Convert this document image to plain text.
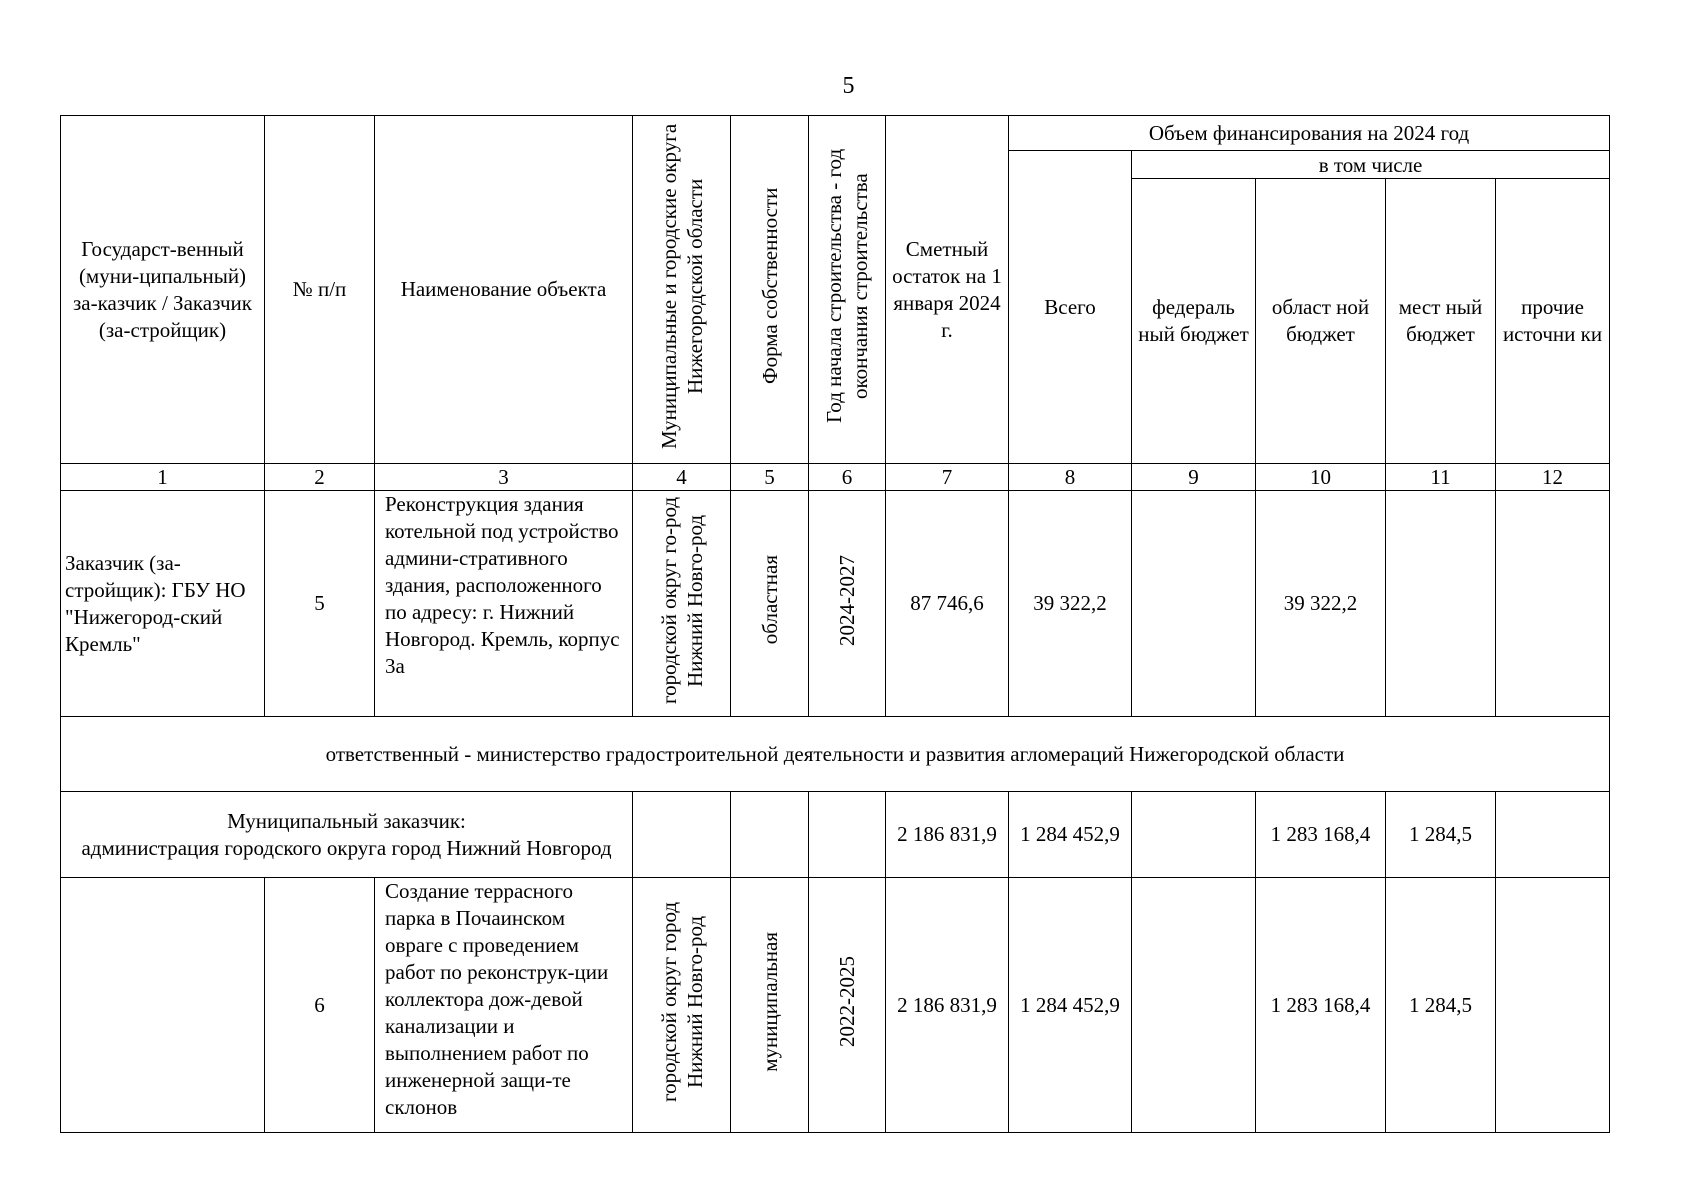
5
Государст-венный (муни-ципальный) за-казчик / Заказчик (за-стройщик)	№ п/п	Наименование объекта	Муниципальные и городские округа Нижегородской области	Форма собственности	Год начала строительства - год окончания строительства	Сметный остаток на 1 января 2024 г.	Объем финансирования на 2024 год				
							Всего	в том числе			
								федераль ный бюджет	област ной бюджет	мест ный бюджет	прочие источни ки
1	2	3	4	5	6	7	8	9	10	11	12
Заказчик (за-стройщик): ГБУ НО "Нижегород-ский Кремль"	5	Реконструкция здания котельной под устройство админи-стративного здания, расположенного по адресу: г. Нижний Новгород. Кремль, корпус 3а	городской округ го-род Нижний Новго-род	областная	2024-2027	87 746,6	39 322,2		39 322,2		
ответственный - министерство градостроительной деятельности и развития агломераций Нижегородской области											

Муниципальный заказчик:
администрация городского округа город Нижний Новгород						2 186 831,9	1 284 452,9		1 283 168,4	1 284,5	
	6	Создание террасного парка в Почаинском овраге с проведением работ по реконструк-ции коллектора дож-девой канализации и выполнением работ по инженерной защи-те склонов	городской округ город Нижний Новго-род	муниципальная	2022-2025	2 186 831,9	1 284 452,9		1 283 168,4	1 284,5	
